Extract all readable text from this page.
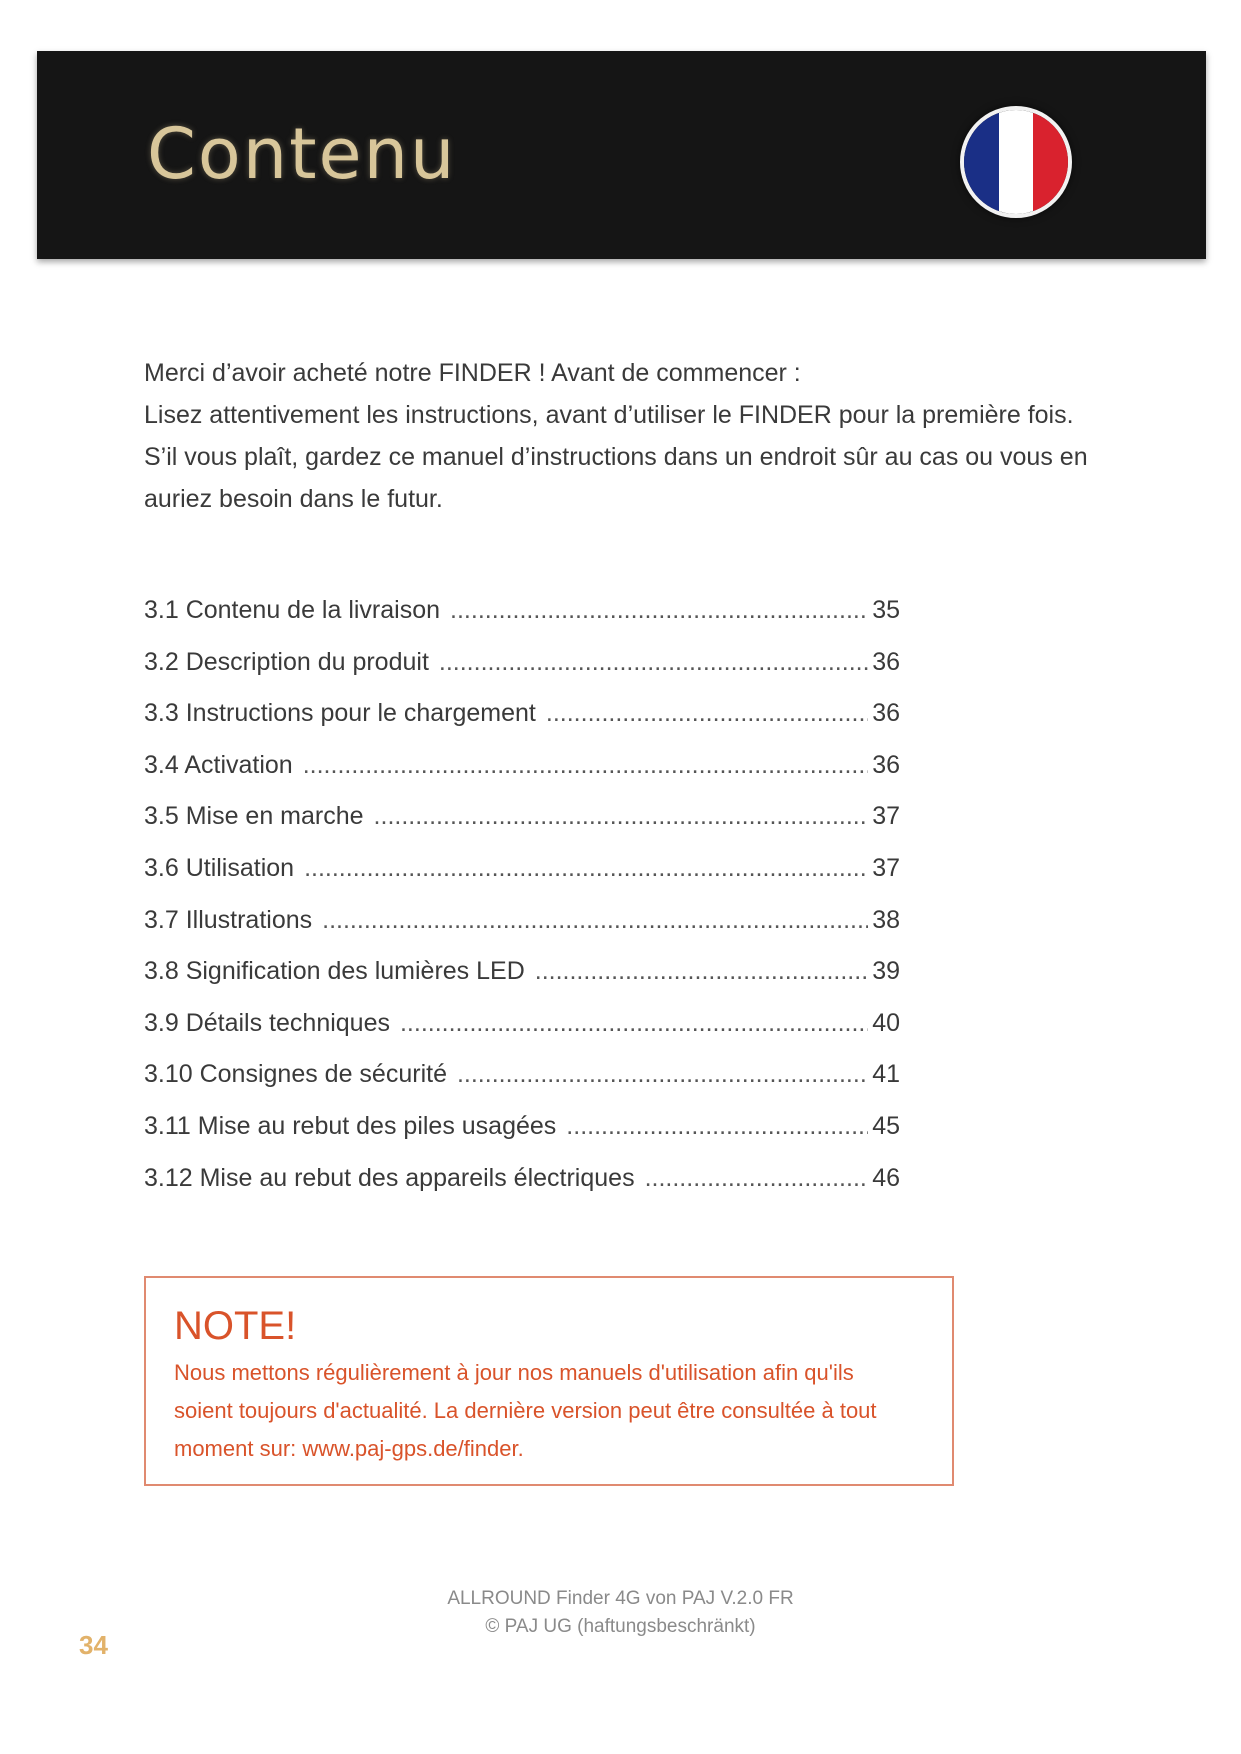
Contenu

Merci d’avoir acheté notre FINDER ! Avant de commencer :

Lisez attentivement les instructions, avant d’utiliser le FINDER pour la première fois. S’il vous plaît, gardez ce manuel d’instructions dans un endroit sûr au cas ou vous en auriez besoin dans le futur.

3.1 Contenu de la livraison .....	35
3.2 Description du produit .....	36
3.3 Instructions pour le chargement .....	36
3.4 Activation .....	36
3.5 Mise en marche .....	37
3.6 Utilisation .....	37
3.7 Illustrations .....	38
3.8 Signification des lumières LED .....	39
3.9 Détails techniques .....	40
3.10 Consignes de sécurité .....	41
3.11 Mise au rebut des piles usagées .....	45
3.12 Mise au rebut des appareils électriques .....	46

NOTE!

Nous mettons régulièrement à jour nos manuels d'utilisation afin qu'ils soient toujours d'actualité. La dernière version peut être consultée à tout moment sur: www.paj-gps.de/finder.

ALLROUND Finder 4G von PAJ V.2.0 FR
© PAJ UG (haftungsbeschränkt)
34
